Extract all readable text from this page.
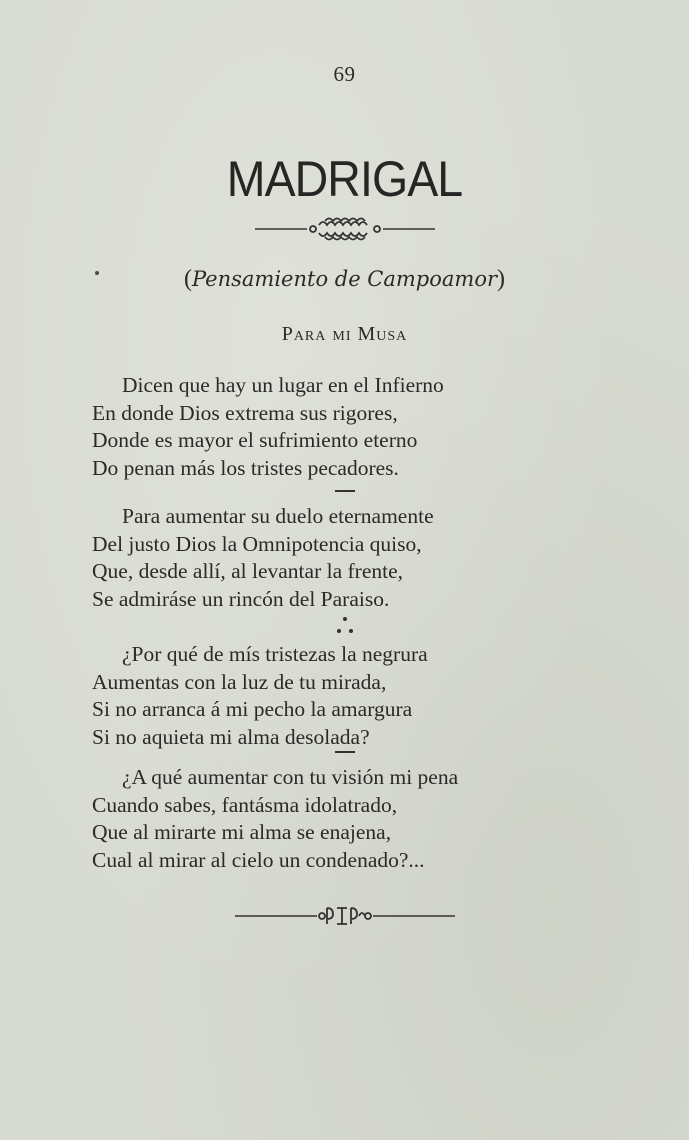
69
MADRIGAL
(Pensamiento de Campoamor)
Para mi Musa
Dicen que hay un lugar en el Infierno
En donde Dios extrema sus rigores,
Donde es mayor el sufrimiento eterno
Do penan más los tristes pecadores.
Para aumentar su duelo eternamente
Del justo Dios la Omnipotencia quiso,
Que, desde allí, al levantar la frente,
Se admiráse un rincón del Paraiso.
¿Por qué de mís tristezas la negrura
Aumentas con la luz de tu mirada,
Si no arranca á mi pecho la amargura
Si no aquieta mi alma desolada?
¿A qué aumentar con tu visión mi pena
Cuando sabes, fantásma idolatrado,
Que al mirarte mi alma se enajena,
Cual al mirar al cielo un condenado?...
